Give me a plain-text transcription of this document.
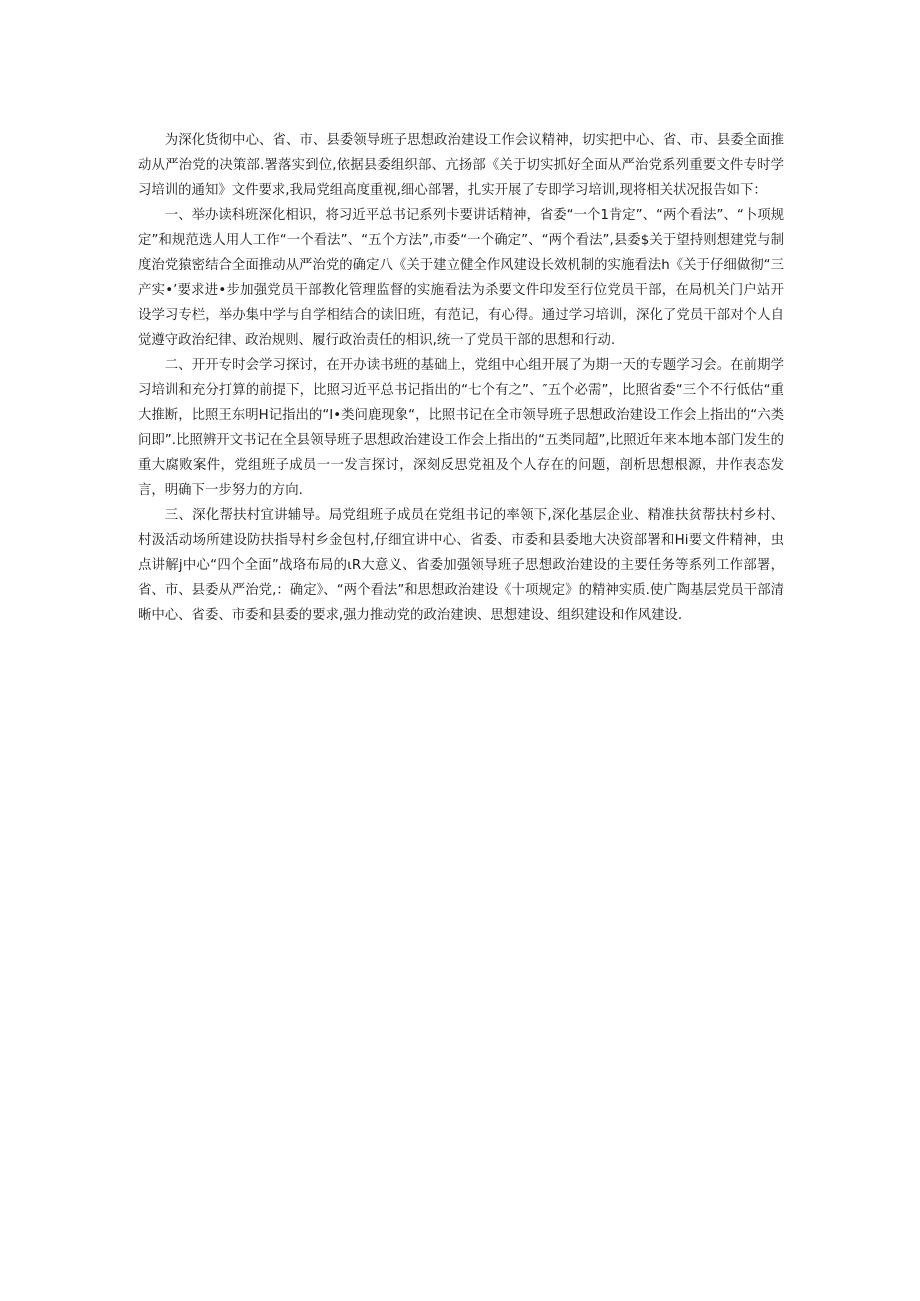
为深化货彻中心、省、市、县委领导班子思想政治建设工作会议精神，切实把中心、省、市、县委全面推动从严治党的决策部.署落实到位,依据县委组织部、亢扬部《关于切实抓好全面从严治党系列重要文件专时学习培训的通知》文件要求,我局党组高度重视,细心部署，扎实开展了专即学习培训,现将相关状况报告如下：

一、举办读科班深化相识，将习近平总书记系列卡要讲话精神，省委“一个1肯定”、“两个看法”、“卜项规定”和规范选人用人工作“一个看法”、“五个方法”,市委“一个确定”、“两个看法”,县委$关于望持则想建党与制度治党猿密结合全面推动从严治党的确定八《关于建立健全作风建设长效机制的实施看法h《关于仔细做彻“三产实•’要求进•步加强党员干部教化管理监督的实施看法为杀要文件印发至行位党员干部，在局机关门户站开设学习专栏，举办集中学与自学相结合的读旧班，有范记，有心得。通过学习培训，深化了党员干部对个人自觉遵守政治纪律、政治规则、履行政治责任的相识,统一了党员干部的思想和行动.

二、开开专时会学习探讨，在开办读书班的基础上，党组中心组开展了为期一天的专题学习会。在前期学习培训和充分打算的前提下，比照习近平总书记指出的“七个有之”、″五个必需”，比照省委“三个不行低估“重大推断，比照王东明H记指出的“I•类问鹿现象“，比照书记在全市领导班子思想政治建设工作会上指出的“六类问即”.比照辨开文书记在全县领导班子思想政治建设工作会上指出的“五类同超”,比照近年来本地本部门发生的重大腐败案件，党组班子成员一一发言探讨，深刻反思党祖及个人存在的问题，剖析思想根源，井作表态发言，明确下一步努力的方向.

三、深化帮扶村宜讲辅导。局党组班子成员在党组书记的率领下,深化基层企业、精准扶贫帮扶村乡村、村汲活动场所建设防扶指导村乡金包村,仔细宜讲中心、省委、市委和县委地大决资部署和Hi要文件精神，虫点讲解j中心“四个全面”战珞布局的ιR大意义、省委加强领导班子思想政治建设的主要任务等系列工作部署，省、市、县委从严治党,：确定》、“两个看法”和思想政治建设《十项规定》的精神实质.使广陶基层党员干部清晰中心、省委、市委和县委的要求,强力推动党的政治建谀、思想建设、组织建设和作风建设.
